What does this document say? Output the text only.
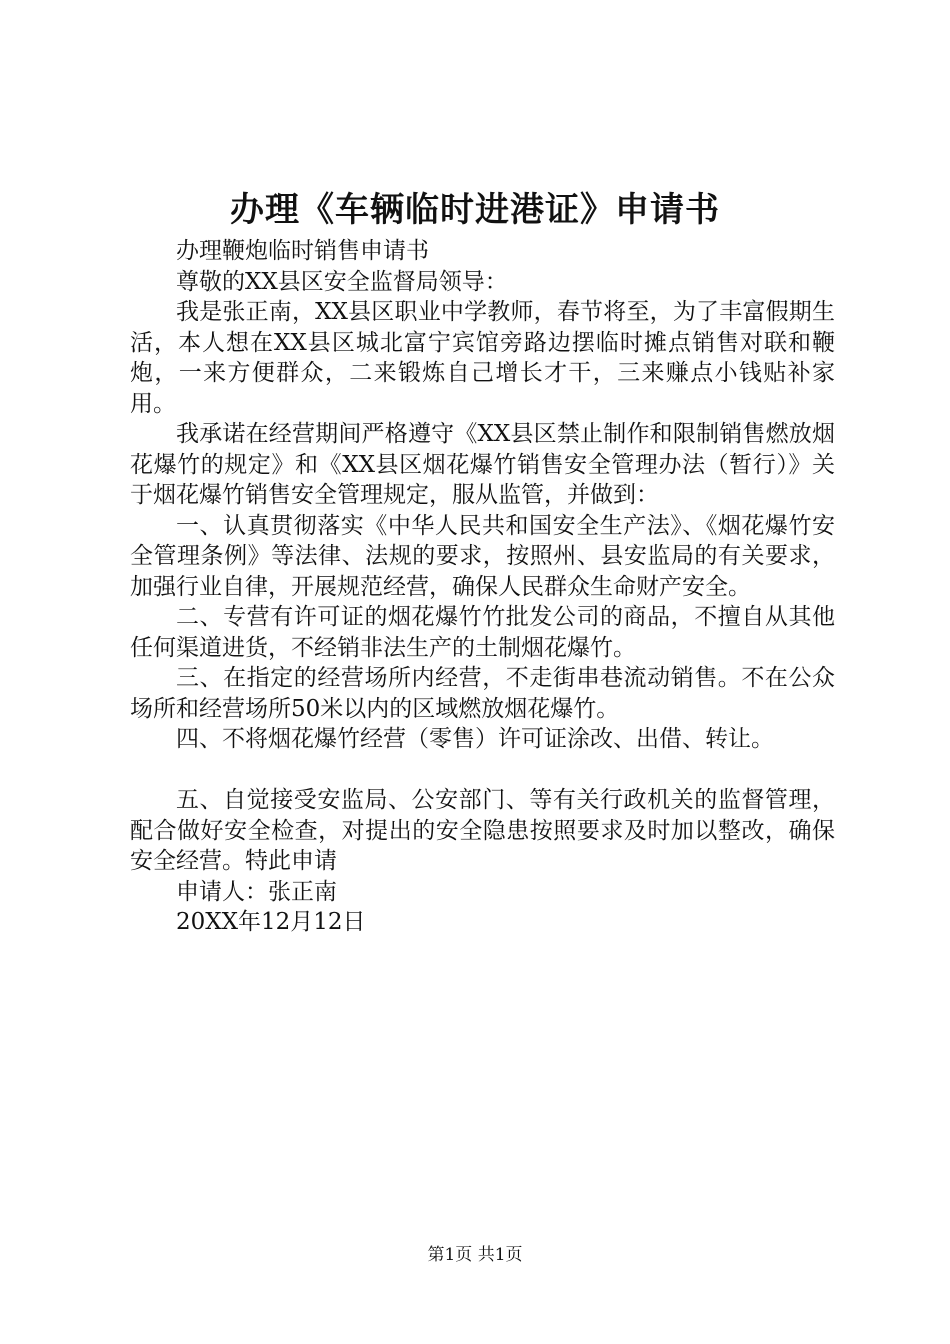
办理《车辆临时进港证》申请书

办理鞭炮临时销售申请书

尊敬的XX县区安全监督局领导：

我是张正南，XX县区职业中学教师，春节将至，为了丰富假期生活，本人想在XX县区城北富宁宾馆旁路边摆临时摊点销售对联和鞭炮，一来方便群众，二来锻炼自己增长才干，三来赚点小钱贴补家用。

我承诺在经营期间严格遵守《XX县区禁止制作和限制销售燃放烟花爆竹的规定》和《XX县区烟花爆竹销售安全管理办法（暂行）》关于烟花爆竹销售安全管理规定，服从监管，并做到：

一、认真贯彻落实《中华人民共和国安全生产法》、《烟花爆竹安全管理条例》等法律、法规的要求，按照州、县安监局的有关要求，加强行业自律，开展规范经营，确保人民群众生命财产安全。

二、专营有许可证的烟花爆竹竹批发公司的商品，不擅自从其他任何渠道进货，不经销非法生产的土制烟花爆竹。

三、在指定的经营场所内经营，不走街串巷流动销售。不在公众场所和经营场所50米以内的区域燃放烟花爆竹。

四、不将烟花爆竹经营（零售）许可证涂改、出借、转让。

五、自觉接受安监局、公安部门、等有关行政机关的监督管理，配合做好安全检查，对提出的安全隐患按照要求及时加以整改，确保安全经营。特此申请

申请人：张正南

20XX年12月12日

第1页 共1页
